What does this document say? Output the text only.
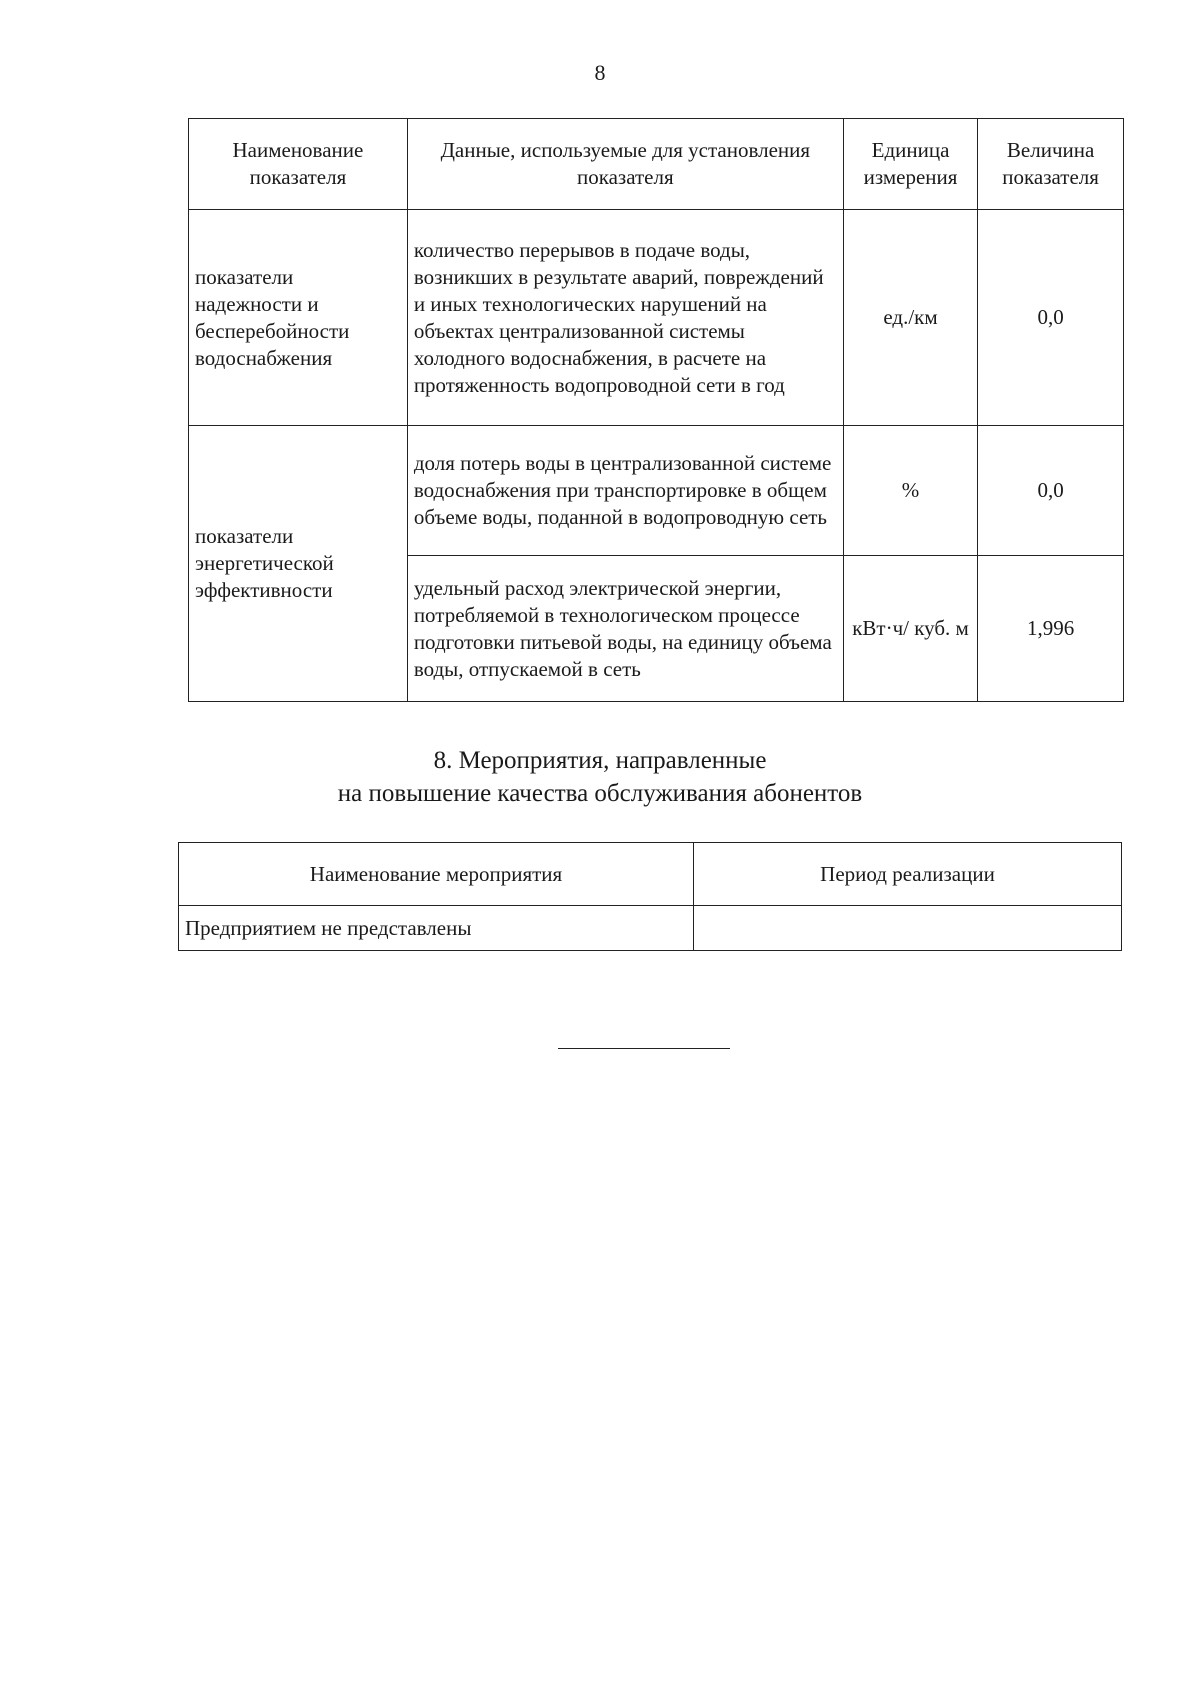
8
Наименование показателя	Данные, используемые для установления показателя	Единица измерения	Величина показателя
показатели надежности и бесперебойности водоснабжения	количество перерывов в подаче воды, возникших в результате аварий, повреждений и иных технологических нарушений на объектах централизованной системы холодного водоснабжения, в расчете на протяженность водопроводной сети в год	ед./км	0,0
показатели энергетической эффективности	доля потерь воды в централизованной системе водоснабжения при транспортировке в общем объеме воды, поданной в водопроводную сеть	%	0,0
	удельный расход электрической энергии, потребляемой в технологическом процессе подготовки питьевой воды, на единицу объема воды, отпускаемой в сеть	кВт·ч/ куб. м	1,996
8. Мероприятия, направленные
на повышение качества обслуживания абонентов
Наименование мероприятия	Период реализации
Предприятием не представлены	
